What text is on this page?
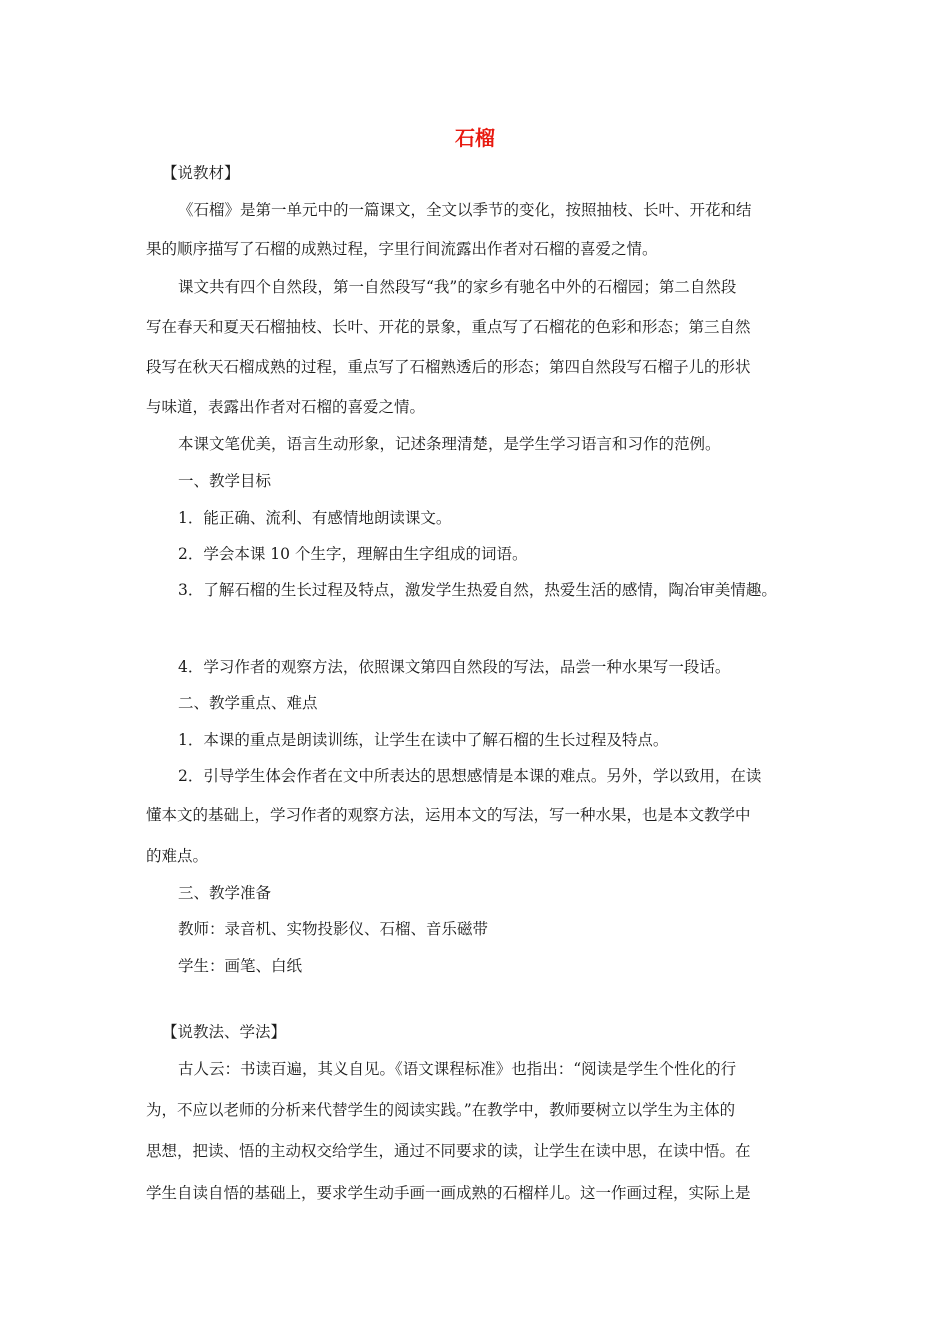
石榴
【说教材】
《石榴》是第一单元中的一篇课文，全文以季节的变化，按照抽枝、长叶、开花和结
果的顺序描写了石榴的成熟过程，字里行间流露出作者对石榴的喜爱之情。
课文共有四个自然段，第一自然段写“我”的家乡有驰名中外的石榴园；第二自然段
写在春天和夏天石榴抽枝、长叶、开花的景象，重点写了石榴花的色彩和形态；第三自然
段写在秋天石榴成熟的过程，重点写了石榴熟透后的形态；第四自然段写石榴子儿的形状
与味道，表露出作者对石榴的喜爱之情。
本课文笔优美，语言生动形象，记述条理清楚，是学生学习语言和习作的范例。
一、教学目标
1．能正确、流利、有感情地朗读课文。
2．学会本课 10 个生字，理解由生字组成的词语。
3．了解石榴的生长过程及特点，激发学生热爱自然，热爱生活的感情，陶冶审美情趣。
4．学习作者的观察方法，依照课文第四自然段的写法，品尝一种水果写一段话。
二、教学重点、难点
1．本课的重点是朗读训练，让学生在读中了解石榴的生长过程及特点。
2．引导学生体会作者在文中所表达的思想感情是本课的难点。另外，学以致用，在读
懂本文的基础上，学习作者的观察方法，运用本文的写法，写一种水果，也是本文教学中
的难点。
三、教学准备
教师：录音机、实物投影仪、石榴、音乐磁带
学生：画笔、白纸
【说教法、学法】
古人云：书读百遍，其义自见。《语文课程标准》也指出：“阅读是学生个性化的行
为，不应以老师的分析来代替学生的阅读实践。”在教学中，教师要树立以学生为主体的
思想，把读、悟的主动权交给学生，通过不同要求的读，让学生在读中思，在读中悟。在
学生自读自悟的基础上，要求学生动手画一画成熟的石榴样儿。这一作画过程，实际上是
